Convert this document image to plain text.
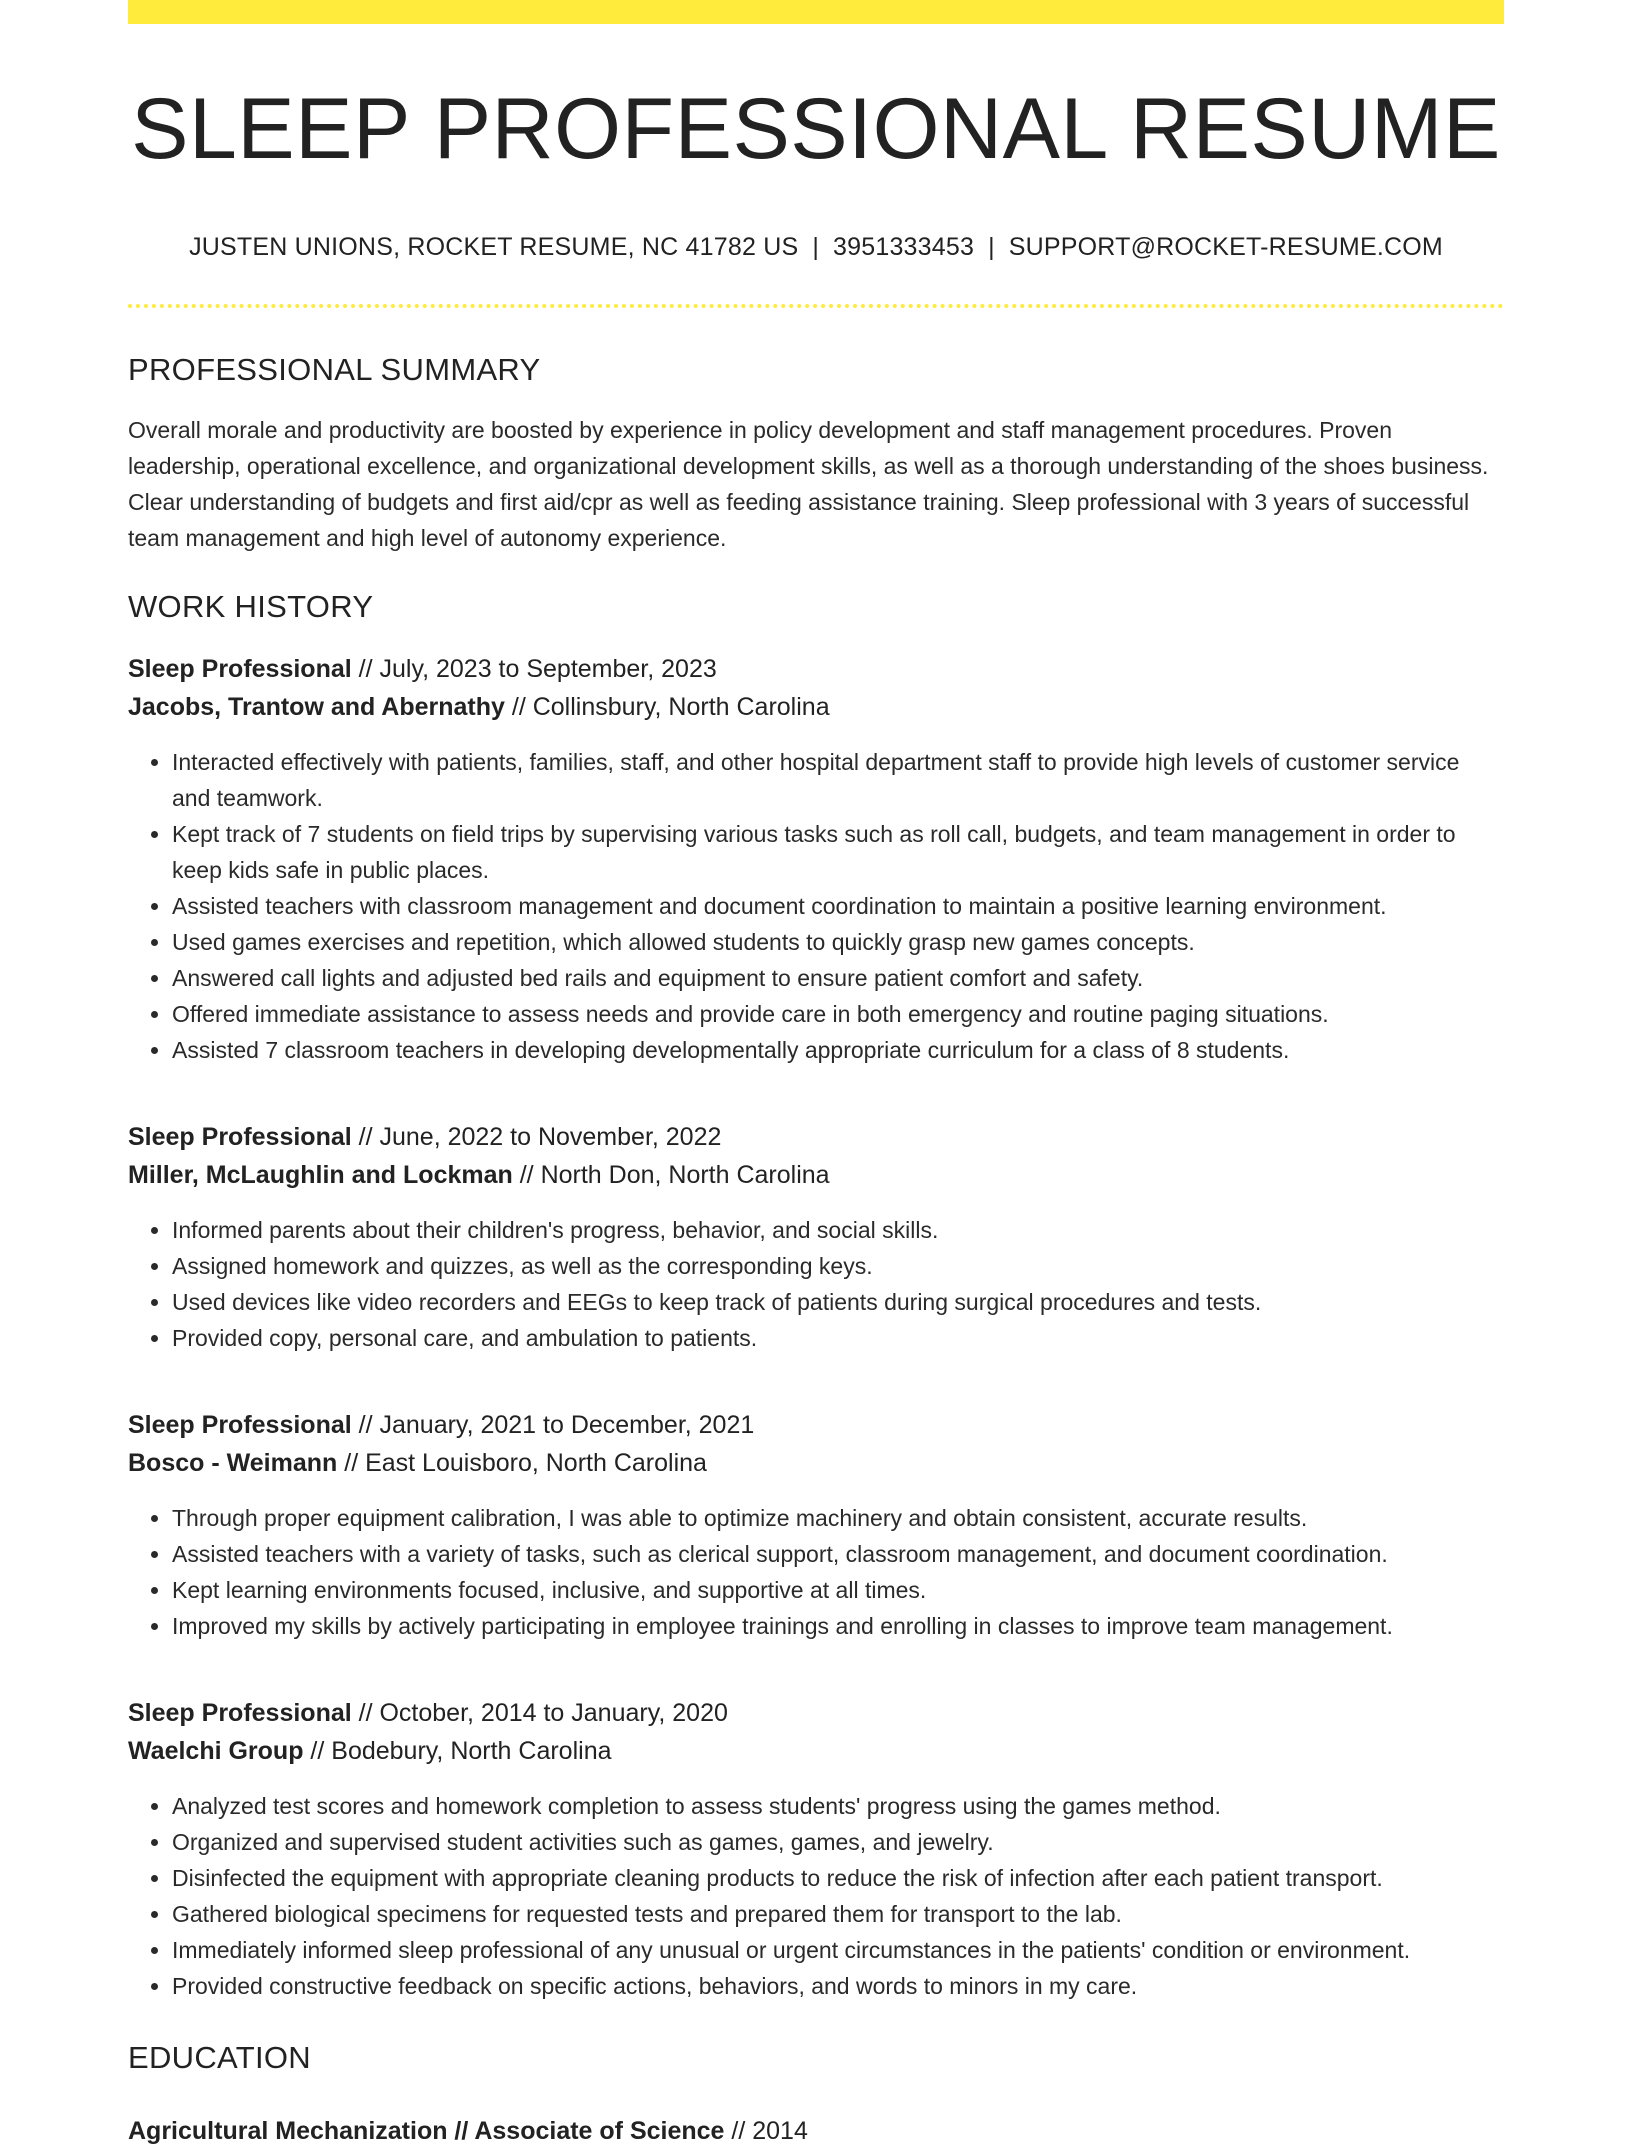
SLEEP PROFESSIONAL RESUME
JUSTEN UNIONS, ROCKET RESUME, NC 41782 US | 3951333453 | SUPPORT@ROCKET-RESUME.COM
PROFESSIONAL SUMMARY

Overall morale and productivity are boosted by experience in policy development and staff management procedures. Proven leadership, operational excellence, and organizational development skills, as well as a thorough understanding of the shoes business. Clear understanding of budgets and first aid/cpr as well as feeding assistance training. Sleep professional with 3 years of successful team management and high level of autonomy experience.

WORK HISTORY
Sleep Professional // July, 2023 to September, 2023
Jacobs, Trantow and Abernathy // Collinsbury, North Carolina
• Interacted effectively with patients, families, staff, and other hospital department staff to provide high levels of customer service and teamwork.
• Kept track of 7 students on field trips by supervising various tasks such as roll call, budgets, and team management in order to keep kids safe in public places.
• Assisted teachers with classroom management and document coordination to maintain a positive learning environment.
• Used games exercises and repetition, which allowed students to quickly grasp new games concepts.
• Answered call lights and adjusted bed rails and equipment to ensure patient comfort and safety.
• Offered immediate assistance to assess needs and provide care in both emergency and routine paging situations.
• Assisted 7 classroom teachers in developing developmentally appropriate curriculum for a class of 8 students.
Sleep Professional // June, 2022 to November, 2022
Miller, McLaughlin and Lockman // North Don, North Carolina
• Informed parents about their children's progress, behavior, and social skills.
• Assigned homework and quizzes, as well as the corresponding keys.
• Used devices like video recorders and EEGs to keep track of patients during surgical procedures and tests.
• Provided copy, personal care, and ambulation to patients.
Sleep Professional // January, 2021 to December, 2021
Bosco - Weimann // East Louisboro, North Carolina
• Through proper equipment calibration, I was able to optimize machinery and obtain consistent, accurate results.
• Assisted teachers with a variety of tasks, such as clerical support, classroom management, and document coordination.
• Kept learning environments focused, inclusive, and supportive at all times.
• Improved my skills by actively participating in employee trainings and enrolling in classes to improve team management.
Sleep Professional // October, 2014 to January, 2020
Waelchi Group // Bodebury, North Carolina
• Analyzed test scores and homework completion to assess students' progress using the games method.
• Organized and supervised student activities such as games, games, and jewelry.
• Disinfected the equipment with appropriate cleaning products to reduce the risk of infection after each patient transport.
• Gathered biological specimens for requested tests and prepared them for transport to the lab.
• Immediately informed sleep professional of any unusual or urgent circumstances in the patients' condition or environment.
• Provided constructive feedback on specific actions, behaviors, and words to minors in my care.
EDUCATION
Agricultural Mechanization // Associate of Science // 2014
